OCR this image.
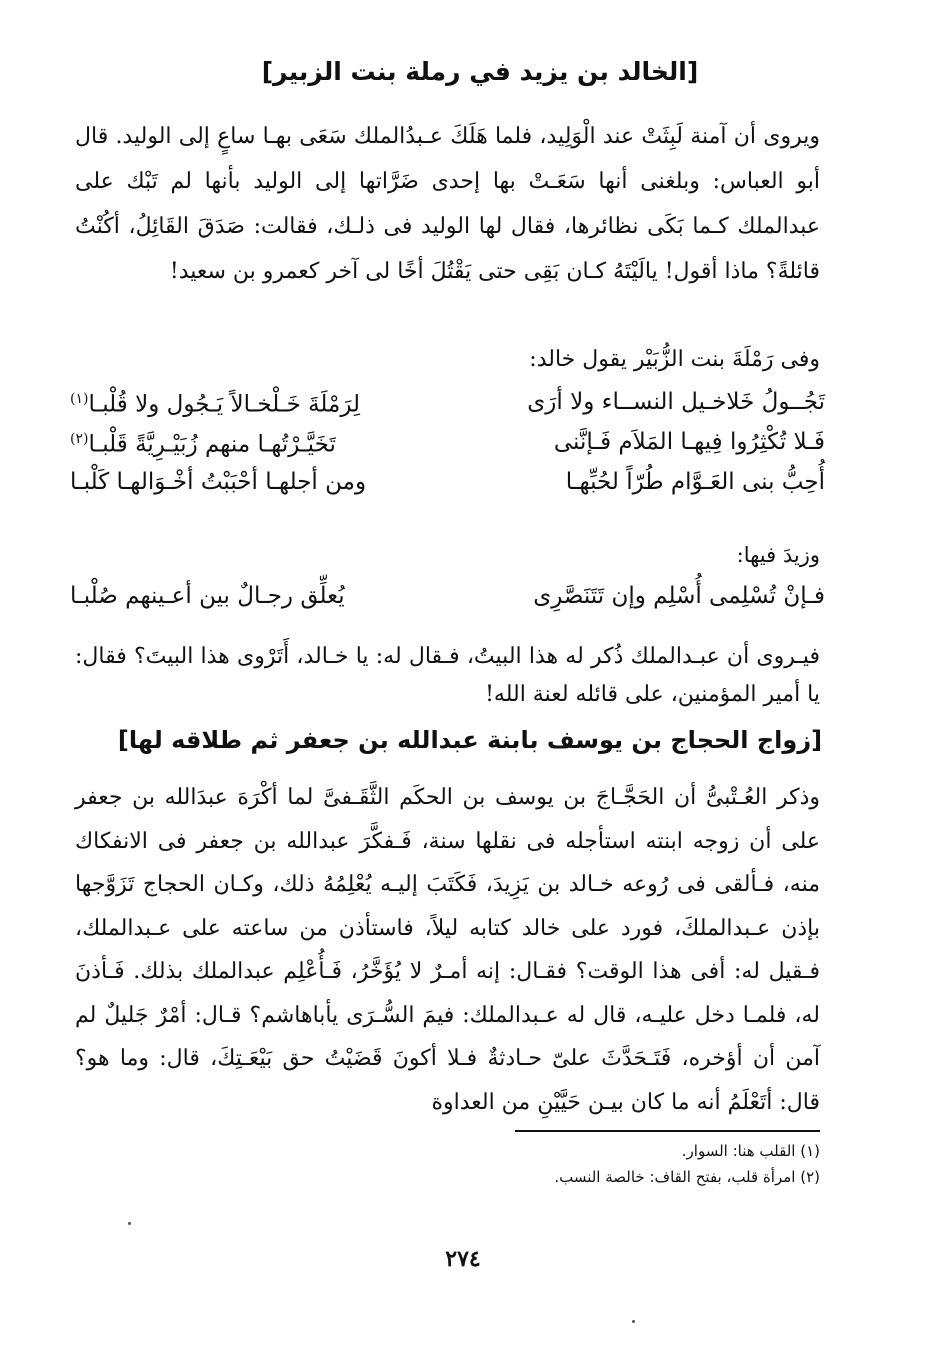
[الخالد بن يزيد في رملة بنت الزبير]

ويروى أن آمنة لَبِثَتْ عند الْوَلِيد، فلما هَلَكَ عـبدُالملك سَعَى بهـا ساعٍ إلى الوليد. قال أبو العباس: وبلغنى أنها سَعَـتْ بها إحدى ضَرَّاتها إلى الوليد بأنها لم تَبْك على عبدالملك كـما بَكَى نظائرها، فقال لها الوليد فى ذلـك، فقالت: صَدَقَ القَائِلُ، أكُنْتُ قائلةً؟ ماذا أقول! يالَيْتَهُ كـان بَقِى حتى يَقْتُلَ أخًا لى آخر كعمرو بن سعيد!

وفى رَمْلَةَ بنت الزُّبَيْر يقول خالد:

تَجُــولُ خَلاخـيل النســاء ولا أرَى
لِرَمْلَةَ خَـلْخـالاً يَـجُول ولا قُلْبـا$^{(١)}$
فَـلا تُكْثِرُوا فِيهـا المَلاَم فَـإنَّنى
تَخَيَّـرْتُهـا منهم زُبَيْـرِيَّةً قَلْبـا$^{(٢)}$
أُحِبُّ بنى العَـوَّام طُرّاً لحُبِّهـا
ومن أجلهـا أحْبَبْتُ أخْـوَالهـا كَلْبـا

وزيدَ فيها:

فـإنْ تُسْلِمى أُسْلِم وإن تَتَنَصَّرِى
يُعلِّق رجـالٌ بين أعـينهم صُلْبـا

فيـروى أن عبـدالملك ذُكر له هذا البيتُ، فـقال له: يا خـالد، أَتَرْوى هذا البيتَ؟ فقال: يا أمير المؤمنين، على قائله لعنة الله!

[زواج الحجاج بن يوسف بابنة عبدالله بن جعفر ثم طلاقه لها]

وذكر العُـتْبىُّ أن الحَجَّـاجَ بن يوسف بن الحكَم الثَّقَـفىَّ لما أكْرَهَ عبدَالله بن جعفر على أن زوجه ابنته استأجله فى نقلها سنة، فَـفكَّرَ عبدالله بن جعفر فى الانفكاك منه، فـألقى فى رُوعه خـالد بن يَزِيدَ، فَكَتَبَ إليـه يُعْلِمُهُ ذلك، وكـان الحجاج تَزَوَّجها بإذن عـبدالملكَ، فورد على خالد كتابه ليلاً، فاستأذن من ساعته على عـبدالملك، فـقيل له: أفى هذا الوقت؟ فقـال: إنه أمـرٌ لا يُؤَخَّرُ، فَـأُعْلِم عبدالملك بذلك. فَـأذنَ له، فلمـا دخل عليـه، قال له عـبدالملك: فيمَ السُّـرَى يأباهاشم؟ قـال: أمْرٌ جَليلٌ لم آمن أن أؤخره، فَتَـحَدَّثَ علىّ حـادثةٌ فـلا أكونَ قَضَيْتُ حق بَيْعَـتِكَ، قال: وما هو؟ قال: أتَعْلَمُ أنه ما كان بيـن حَيَّيْنِ من العداوة

(١) القلب هنا: السوار.
(٢) امرأة قلب، بفتح القاف: خالصة النسب.
٢٧٤
